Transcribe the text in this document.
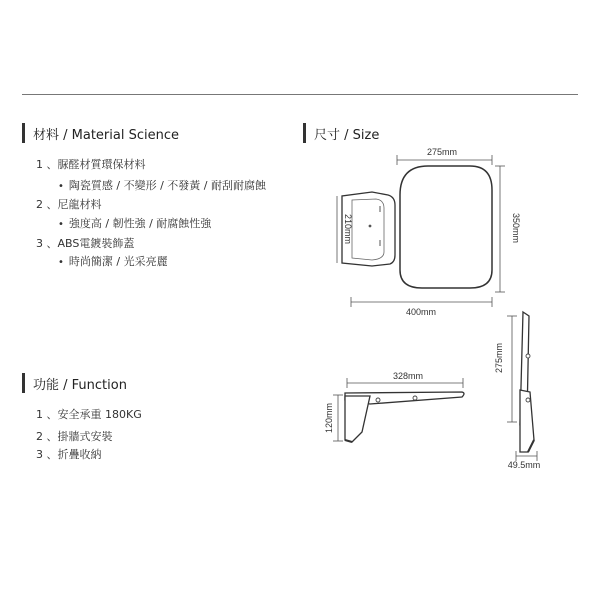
材料 / Material Science
1 、脲醛材質環保材料
• 陶瓷質感 / 不變形 / 不發黃 / 耐刮耐腐蝕
2 、尼龍材料
• 強度高 / 韌性強 / 耐腐蝕性強
3 、ABS電鍍裝飾蓋
• 時尚簡潔 / 光采亮麗
功能 / Function
1 、安全承重 180KG
2 、掛牆式安裝
3 、折疊收納
尺寸 / Size
275mm
350mm
400mm
210mm
328mm
120mm
275mm
49.5mm
